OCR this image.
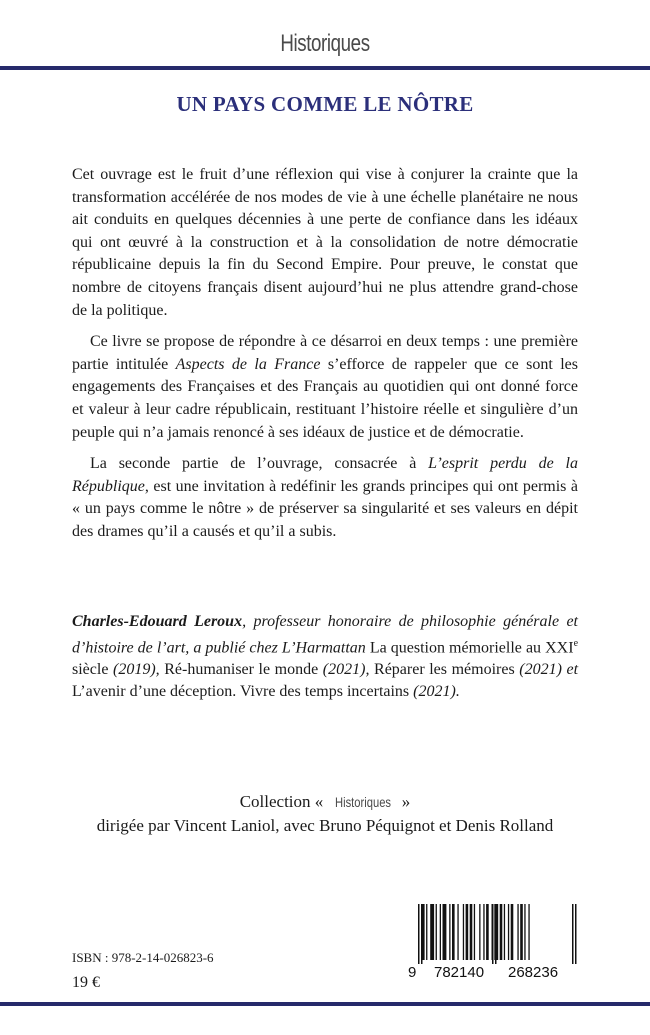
Historiques
UN PAYS COMME LE NÔTRE

Cet ouvrage est le fruit d’une réflexion qui vise à conjurer la crainte que la transformation accélérée de nos modes de vie à une échelle planétaire ne nous ait conduits en quelques décennies à une perte de confiance dans les idéaux qui ont œuvré à la construction et à la consolidation de notre démocratie républicaine depuis la fin du Second Empire. Pour preuve, le constat que nombre de citoyens français disent aujourd’hui ne plus attendre grand-chose de la politique.

Ce livre se propose de répondre à ce désarroi en deux temps : une première partie intitulée Aspects de la France s’efforce de rappeler que ce sont les engagements des Françaises et des Français au quotidien qui ont donné force et valeur à leur cadre républicain, restituant l’histoire réelle et singulière d’un peuple qui n’a jamais renoncé à ses idéaux de justice et de démocratie.

La seconde partie de l’ouvrage, consacrée à L’esprit perdu de la République, est une invitation à redéfinir les grands principes qui ont permis à « un pays comme le nôtre » de préserver sa singularité et ses valeurs en dépit des drames qu’il a causés et qu’il a subis.

Charles-Edouard Leroux, professeur honoraire de philosophie générale et d’histoire de l’art, a publié chez L’Harmattan La question mémorielle au XXIe siècle (2019), Ré-humaniser le monde (2021), Réparer les mémoires (2021) et L’avenir d’une déception. Vivre des temps incertains (2021).
Collection « Historiques »
dirigée par Vincent Laniol, avec Bruno Péquignot et Denis Rolland
ISBN : 978-2-14-026823-6
19 €
9 782140 268236
